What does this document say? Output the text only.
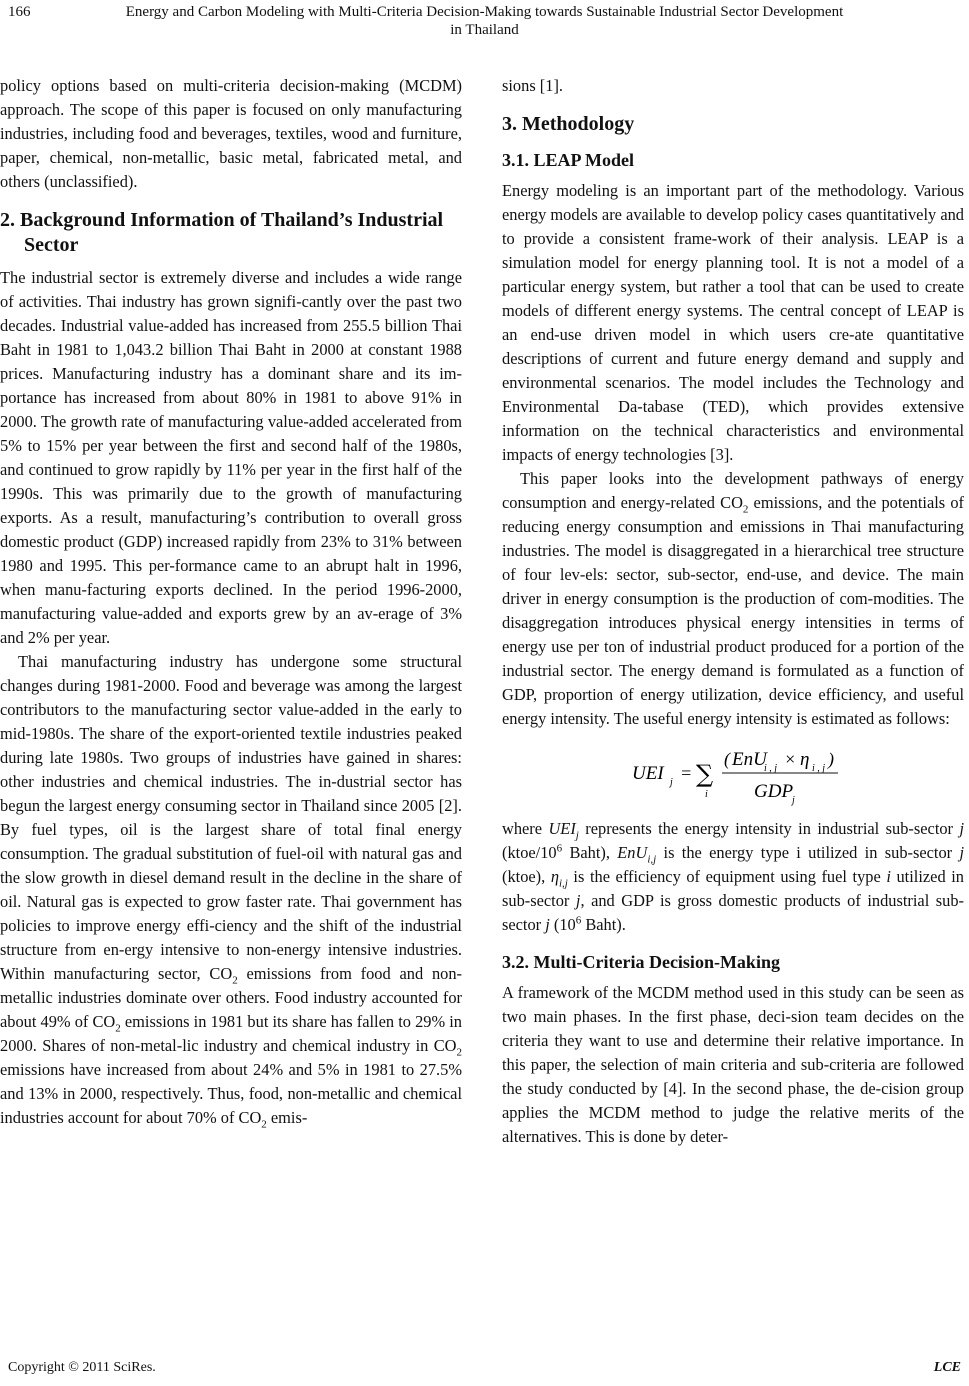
166	Energy and Carbon Modeling with Multi-Criteria Decision-Making towards Sustainable Industrial Sector Development
in Thailand

policy options based on multi-criteria decision-making (MCDM) approach. The scope of this paper is focused on only manufacturing industries, including food and beverages, textiles, wood and furniture, paper, chemical, non-metallic, basic metal, fabricated metal, and others (unclassified).

2. Background Information of Thailand’s Industrial Sector

The industrial sector is extremely diverse and includes a wide range of activities. Thai industry has grown signifi-cantly over the past two decades. Industrial value-added has increased from 255.5 billion Thai Baht in 1981 to 1,043.2 billion Thai Baht in 2000 at constant 1988 prices. Manufacturing industry has a dominant share and its im-portance has increased from about 80% in 1981 to above 91% in 2000. The growth rate of manufacturing value-added accelerated from 5% to 15% per year between the first and second half of the 1980s, and continued to grow rapidly by 11% per year in the first half of the 1990s. This was primarily due to the growth of manufacturing exports. As a result, manufacturing’s contribution to overall gross domestic product (GDP) increased rapidly from 23% to 31% between 1980 and 1995. This per-formance came to an abrupt halt in 1996, when manu-facturing exports declined. In the period 1996-2000, manufacturing value-added and exports grew by an av-erage of 3% and 2% per year.

Thai manufacturing industry has undergone some structural changes during 1981-2000. Food and beverage was among the largest contributors to the manufacturing sector value-added in the early to mid-1980s. The share of the export-oriented textile industries peaked during late 1980s. Two groups of industries have gained in shares: other industries and chemical industries. The in-dustrial sector has begun the largest energy consuming sector in Thailand since 2005 [2]. By fuel types, oil is the largest share of total final energy consumption. The gradual substitution of fuel-oil with natural gas and the slow growth in diesel demand result in the decline in the share of oil. Natural gas is expected to grow faster rate. Thai government has policies to improve energy effi-ciency and the shift of the industrial structure from en-ergy intensive to non-energy intensive industries. Within manufacturing sector, $CO_2$ emissions from food and non-metallic industries dominate over others. Food industry accounted for about 49% of $CO_2$ emissions in 1981 but its share has fallen to 29% in 2000. Shares of non-metal-lic industry and chemical industry in $CO_2$ emissions have increased from about 24% and 5% in 1981 to 27.5% and 13% in 2000, respectively. Thus, food, non-metallic and chemical industries account for about 70% of $CO_2$ emis-

sions [1].

3. Methodology
3.1. LEAP Model

Energy modeling is an important part of the methodology. Various energy models are available to develop policy cases quantitatively and to provide a consistent frame-work of their analysis. LEAP is a simulation model for energy planning tool. It is not a model of a particular energy system, but rather a tool that can be used to create models of different energy systems. The central concept of LEAP is an end-use driven model in which users cre-ate quantitative descriptions of current and future energy demand and supply and environmental scenarios. The model includes the Technology and Environmental Da-tabase (TED), which provides extensive information on the technical characteristics and environmental impacts of energy technologies [3].

This paper looks into the development pathways of energy consumption and energy-related $CO_2$ emissions, and the potentials of reducing energy consumption and emissions in Thai manufacturing industries. The model is disaggregated in a hierarchical tree structure of four lev-els: sector, sub-sector, end-use, and device. The main driver in energy consumption is the production of com-modities. The disaggregation introduces physical energy intensities in terms of energy use per ton of industrial product produced for a portion of the industrial sector. The energy demand is formulated as a function of GDP, proportion of energy utilization, device efficiency, and useful energy intensity. The useful energy intensity is estimated as follows:

UEI j = ∑
i
( EnU
i , j × η i , j )
GDP
j

where $UEI_j$ represents the energy intensity in industrial sub-sector j ($ktoe/10^6$ Baht), EnU$_{i,j}$ is the energy type i utilized in sub-sector j (ktoe), $\eta_{i,j}$ is the efficiency of equipment using fuel type i utilized in sub-sector j, and GDP is gross domestic products of industrial sub-sector j ($10^6$ Baht).

3.2. Multi-Criteria Decision-Making

A framework of the MCDM method used in this study can be seen as two main phases. In the first phase, deci-sion team decides on the criteria they want to use and determine their relative importance. In this paper, the selection of main criteria and sub-criteria are followed the study conducted by [4]. In the second phase, the de-cision group applies the MCDM method to judge the relative merits of the alternatives. This is done by deter-

Copyright © 2011 SciRes.	LCE
